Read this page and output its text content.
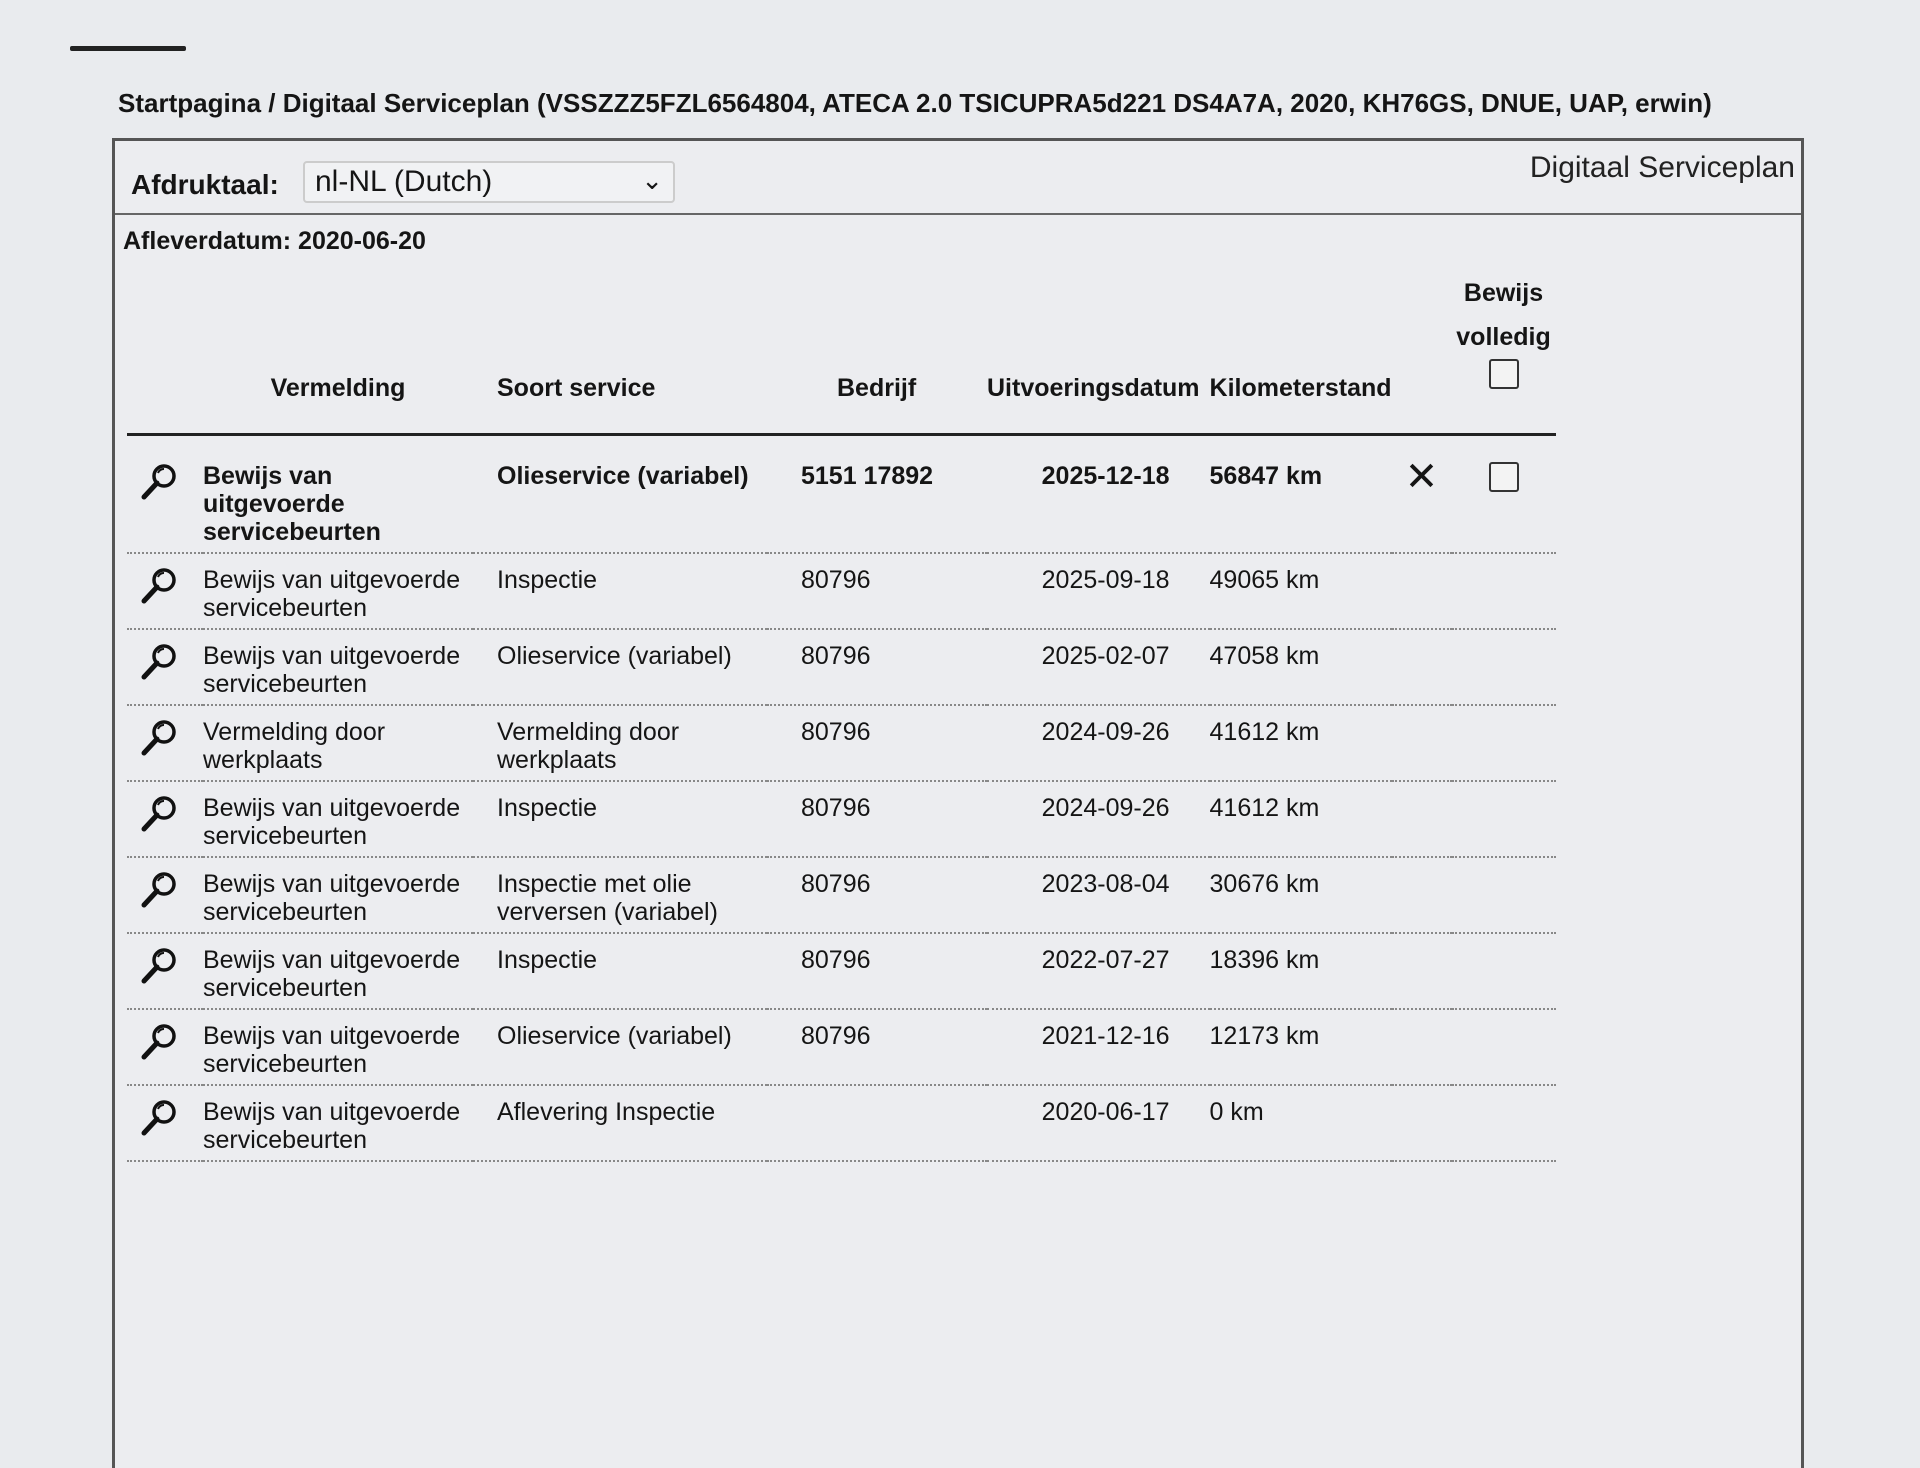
Startpagina / Digitaal Serviceplan (VSSZZZ5FZL6564804, ATECA 2.0 TSICUPRA5d221 DS4A7A, 2020, KH76GS, DNUE, UAP, erwin)
Afdruktaal: nl-NL (Dutch)	⌄	Digitaal Serviceplan
Afleverdatum: 2020-06-20
	Vermelding	Soort service	Bedrijf	Uitvoeringsdatum	Kilometerstand		Bewijs
volledig

	Bewijs van uitgevoerde servicebeurten	Olieservice (variabel)	5151 17892	2025-12-18	56847 km	✕	
	Bewijs van uitgevoerde servicebeurten	Inspectie	80796	2025-09-18	49065 km		
	Bewijs van uitgevoerde servicebeurten	Olieservice (variabel)	80796	2025-02-07	47058 km		
	Vermelding door werkplaats	Vermelding door werkplaats	80796	2024-09-26	41612 km		
	Bewijs van uitgevoerde servicebeurten	Inspectie	80796	2024-09-26	41612 km		
	Bewijs van uitgevoerde servicebeurten	Inspectie met olie verversen (variabel)	80796	2023-08-04	30676 km		
	Bewijs van uitgevoerde servicebeurten	Inspectie	80796	2022-07-27	18396 km		
	Bewijs van uitgevoerde servicebeurten	Olieservice (variabel)	80796	2021-12-16	12173 km		
	Bewijs van uitgevoerde servicebeurten	Aflevering Inspectie		2020-06-17	0 km		
